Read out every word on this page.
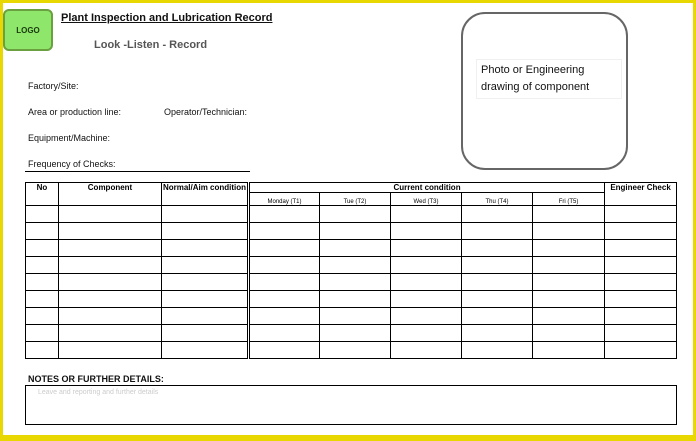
LOGO
Plant Inspection and Lubrication Record
Look -Listen - Record
Factory/Site:
Area or production line:	Operator/Technician:
Equipment/Machine:
Frequency of Checks:
Photo or Engineering drawing of component
No	Component	Normal/Aim condition	Current condition					Engineer Check
			Monday (T1)	Tue (T2)	Wed (T3)	Thu (T4)	Fri (T5)	

NOTES OR FURTHER DETAILS:
Leave and reporting and further details
